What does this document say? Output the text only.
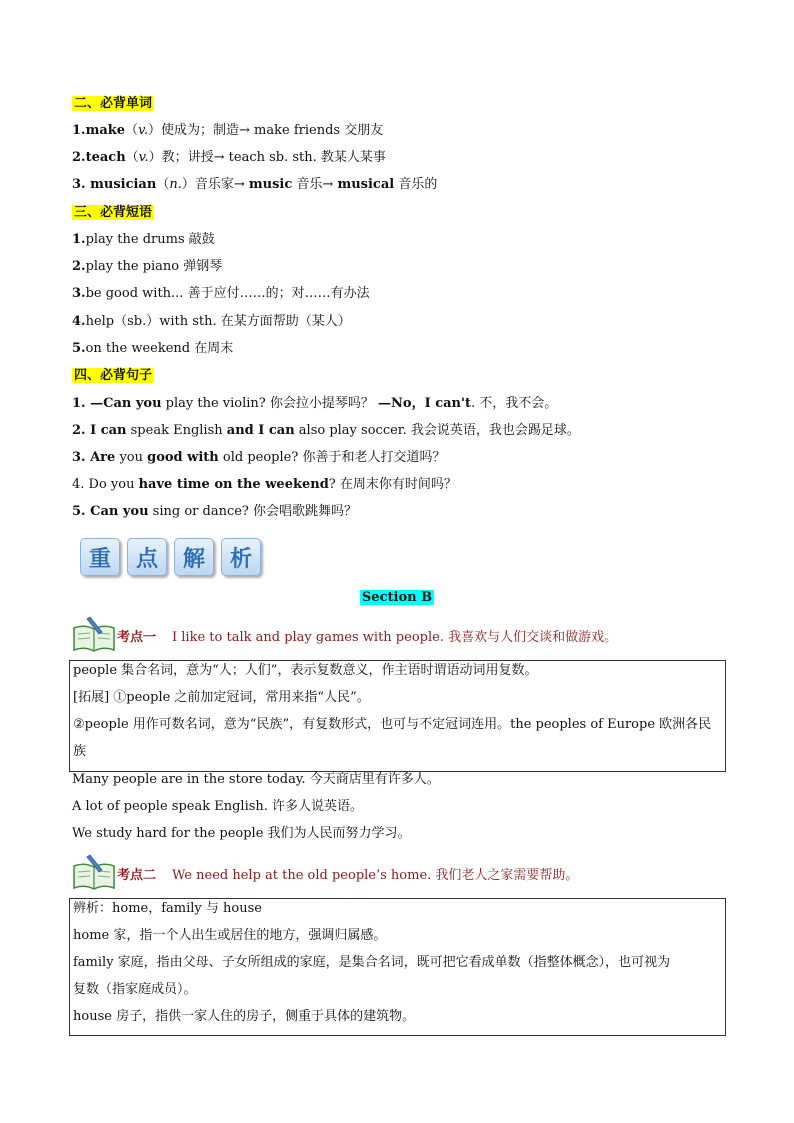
二、必背单词
1.make（v.）使成为；制造→ make friends 交朋友
2.teach（v.）教；讲授→ teach sb. sth. 教某人某事
3. musician（n.）音乐家→ music 音乐→ musical 音乐的
三、必背短语
1.play the drums 敲鼓
2.play the piano 弹钢琴
3.be good with... 善于应付……的；对……有办法
4.help（sb.）with sth. 在某方面帮助（某人）
5.on the weekend 在周末
四、必背句子
1. —Can you play the violin? 你会拉小提琴吗？ —No，I can't. 不，我不会。
2. I can speak English and I can also play soccer. 我会说英语，我也会踢足球。
3. Are you good with old people? 你善于和老人打交道吗？
4. Do you have time on the weekend? 在周末你有时间吗？
5. Can you sing or dance? 你会唱歌跳舞吗？
重	点	解	析
Section B
考点一 I like to talk and play games with people. 我喜欢与人们交谈和做游戏。
people 集合名词，意为“人；人们”，表示复数意义，作主语时谓语动词用复数。
[拓展] ①people 之前加定冠词，常用来指“人民”。
②people 用作可数名词，意为“民族”，有复数形式，也可与不定冠词连用。the peoples of Europe 欧洲各民
族
Many people are in the store today. 今天商店里有许多人。
A lot of people speak English. 许多人说英语。
We study hard for the people 我们为人民而努力学习。
考点二 We need help at the old people’s home. 我们老人之家需要帮助。
辨析：home，family 与 house
home 家，指一个人出生或居住的地方，强调归属感。
family 家庭，指由父母、子女所组成的家庭，是集合名词，既可把它看成单数（指整体概念），也可视为
复数（指家庭成员）。
house 房子，指供一家人住的房子，侧重于具体的建筑物。
